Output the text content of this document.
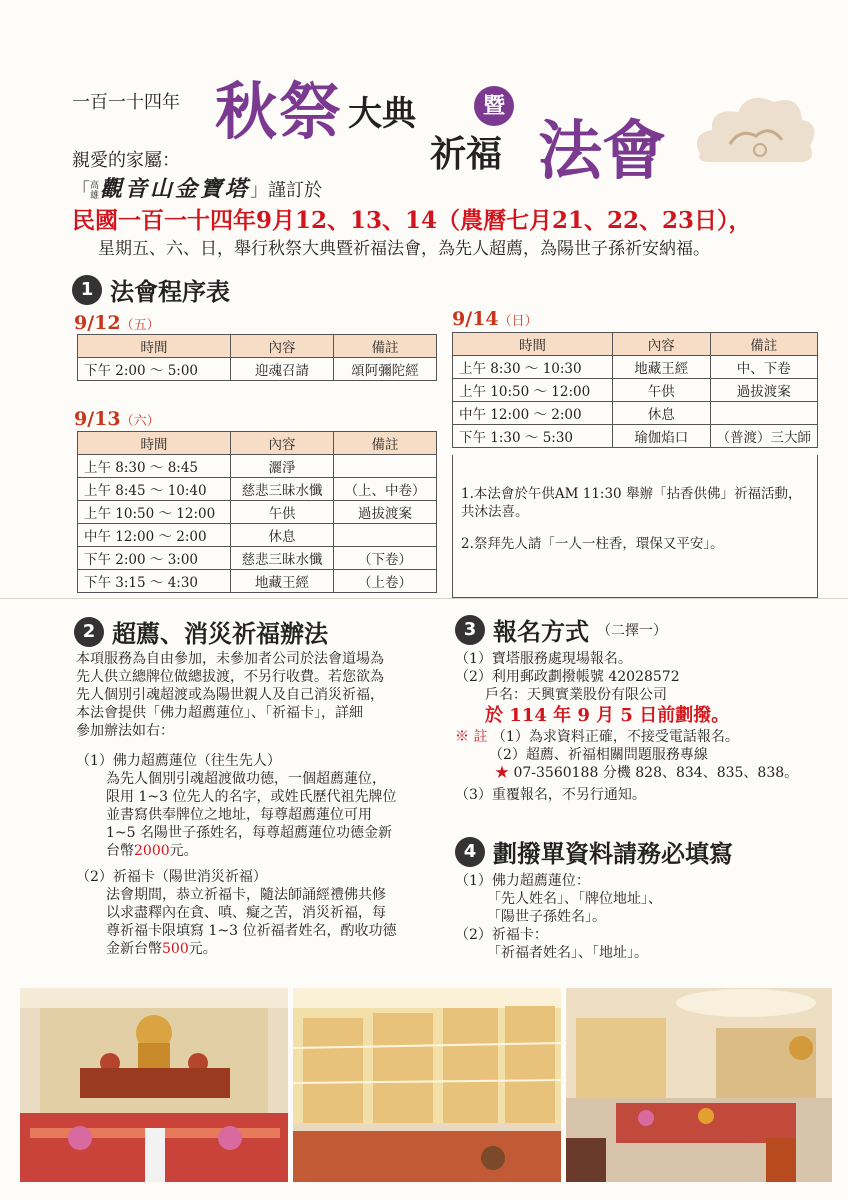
一百一十四年 秋祭 大典	暨
祈福 法會
親愛的家屬：
「高雄觀音山金寶塔」謹訂於
民國一百一十四年9月12、13、14（農曆七月21、22、23日），
星期五、六、日，舉行秋祭大典暨祈福法會，為先人超薦，為陽世子孫祈安納福。
1 法會程序表
9/12（五）
時間	內容	備註
下午 2:00 ～ 5:00	迎魂召請	頌阿彌陀經
9/13（六）
時間	內容	備註
上午 8:30 ～ 8:45	灑淨	
上午 8:45 ～ 10:40	慈悲三昧水懺	（上、中卷）
上午 10:50 ～ 12:00	午供	過拔渡案
中午 12:00 ～ 2:00	休息	
下午 2:00 ～ 3:00	慈悲三昧水懺	（下卷）
下午 3:15 ～ 4:30	地藏王經	（上卷）
9/14（日）
時間	內容	備註
上午 8:30 ～ 10:30	地藏王經	中、下卷
上午 10:50 ～ 12:00	午供	過拔渡案
中午 12:00 ～ 2:00	休息	
下午 1:30 ～ 5:30	瑜伽焰口	（普渡）三大師

1.本法會於午供AM 11:30 舉辦「拈香供佛」祈福活動，共沐法喜。

2.祭拜先人請「一人一柱香，環保又平安」。

2 超薦、消災祈福辦法
本項服務為自由參加，未參加者公司於法會道場為
先人供立總牌位做總拔渡，不另行收費。若您欲為
先人個別引魂超渡或為陽世親人及自己消災祈福，
本法會提供「佛力超薦蓮位」、「祈福卡」，詳細
參加辦法如右：
（1）佛力超薦蓮位（往生先人）
為先人個別引魂超渡做功德，一個超薦蓮位，
限用 1~3 位先人的名字，或姓氏歷代祖先牌位
並書寫供奉牌位之地址，每尊超薦蓮位可用
1~5 名陽世子孫姓名，每尊超薦蓮位功德金新
台幣2000元。
（2）祈福卡（陽世消災祈福）
法會期間，恭立祈福卡，隨法師誦經禮佛共修
以求盡釋內在貪、嗔、癡之苦，消災祈福，每
尊祈福卡限填寫 1~3 位祈福者姓名，酌收功德
金新台幣500元。
3 報名方式 （二擇一）
（1）寶塔服務處現場報名。
（2）利用郵政劃撥帳號 42028572
戶名：天興實業股份有限公司
於 114 年 9 月 5 日前劃撥。
※ 註 （1）為求資料正確，不接受電話報名。
（2）超薦、祈福相關問題服務專線
★ 07-3560188 分機 828、834、835、838。
（3）重覆報名，不另行通知。
4 劃撥單資料請務必填寫
（1）佛力超薦蓮位：
「先人姓名」、「牌位地址」、
「陽世子孫姓名」。
（2）祈福卡：
「祈福者姓名」、「地址」。
